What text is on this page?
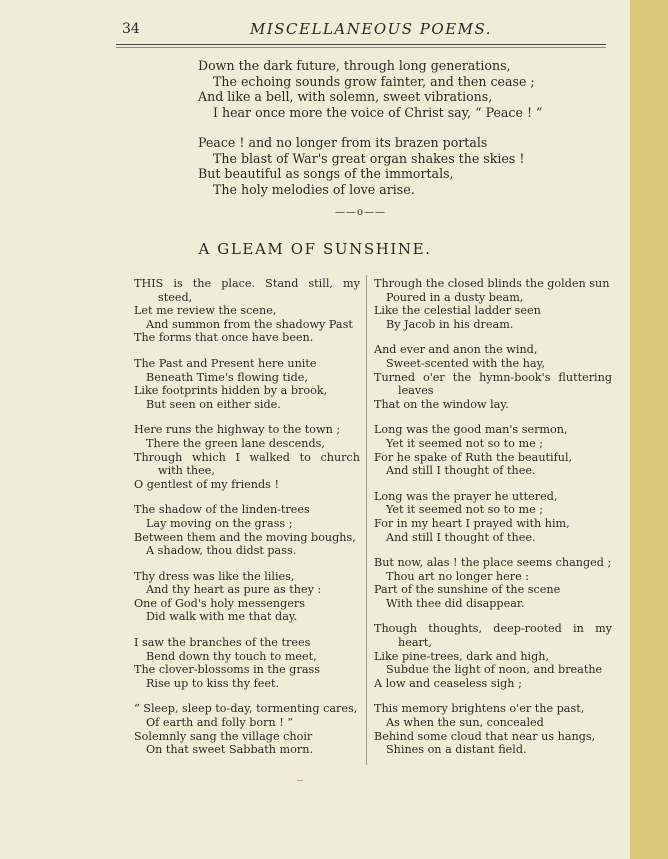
34	MISCELLANEOUS POEMS.
Down the dark future, through long generations,
The echoing sounds grow fainter, and then cease ;
And like a bell, with solemn, sweet vibrations,
I hear once more the voice of Christ say, “ Peace ! ”
Peace ! and no longer from its brazen portals
The blast of War's great organ shakes the skies !
But beautiful as songs of the immortals,
The holy melodies of love arise.
——o——
A GLEAM OF SUNSHINE.
THIS is the place. Stand still, my
steed,
Let me review the scene,
And summon from the shadowy Past
The forms that once have been.
The Past and Present here unite
Beneath Time's flowing tide,
Like footprints hidden by a brook,
But seen on either side.
Here runs the highway to the town ;
There the green lane descends,
Through which I walked to church
with thee,
O gentlest of my friends !
The shadow of the linden-trees
Lay moving on the grass ;
Between them and the moving boughs,
A shadow, thou didst pass.
Thy dress was like the lilies,
And thy heart as pure as they :
One of God's holy messengers
Did walk with me that day.
I saw the branches of the trees
Bend down thy touch to meet,
The clover-blossoms in the grass
Rise up to kiss thy feet.
“ Sleep, sleep to-day, tormenting cares,
Of earth and folly born ! ”
Solemnly sang the village choir
On that sweet Sabbath morn.
Through the closed blinds the golden sun
Poured in a dusty beam,
Like the celestial ladder seen
By Jacob in his dream.
And ever and anon the wind,
Sweet-scented with the hay,
Turned o'er the hymn-book's fluttering
leaves
That on the window lay.
Long was the good man's sermon,
Yet it seemed not so to me ;
For he spake of Ruth the beautiful,
And still I thought of thee.
Long was the prayer he uttered,
Yet it seemed not so to me ;
For in my heart I prayed with him,
And still I thought of thee.
But now, alas ! the place seems changed ;
Thou art no longer here :
Part of the sunshine of the scene
With thee did disappear.
Though thoughts, deep-rooted in my
heart,
Like pine-trees, dark and high,
Subdue the light of noon, and breathe
A low and ceaseless sigh ;
This memory brightens o'er the past,
As when the sun, concealed
Behind some cloud that near us hangs,
Shines on a distant field.
